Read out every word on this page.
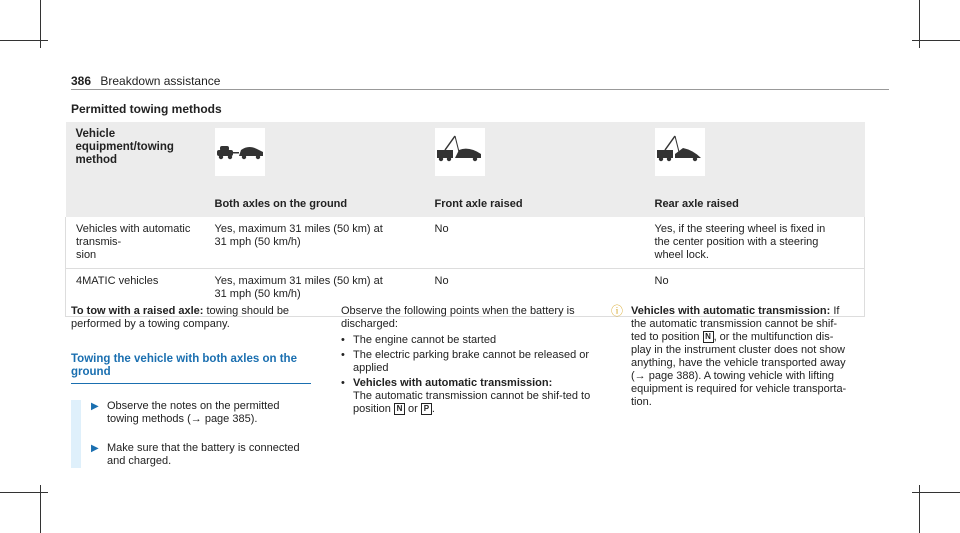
386 Breakdown assistance
Permitted towing methods
Vehicle equipment/towing method	Both axles on the ground	Front axle raised	Rear axle raised

Vehicles with automatic transmis-
sion	Yes, maximum 31 miles (50 km) at
31 mph (50 km/h)	No	Yes, if the steering wheel is fixed in
the center position with a steering
wheel lock.
4MATIC vehicles	Yes, maximum 31 miles (50 km) at
31 mph (50 km/h)	No	No
To tow with a raised axle: towing should be performed by a towing company.
Towing the vehicle with both axles on the ground
▶ Observe the notes on the permitted towing methods (→ page 385).
▶ Make sure that the battery is connected and charged.
Observe the following points when the battery is discharged:
• The engine cannot be started
• The electric parking brake cannot be released or applied
• Vehicles with automatic transmission:
The automatic transmission cannot be shif-ted to position N or P .
ⓘ Vehicles with automatic transmission: If the automatic transmission cannot be shif-ted to position N , or the multifunction dis-play in the instrument cluster does not show anything, have the vehicle transported away (→ page 388). A towing vehicle with lifting equipment is required for vehicle transporta-tion.
